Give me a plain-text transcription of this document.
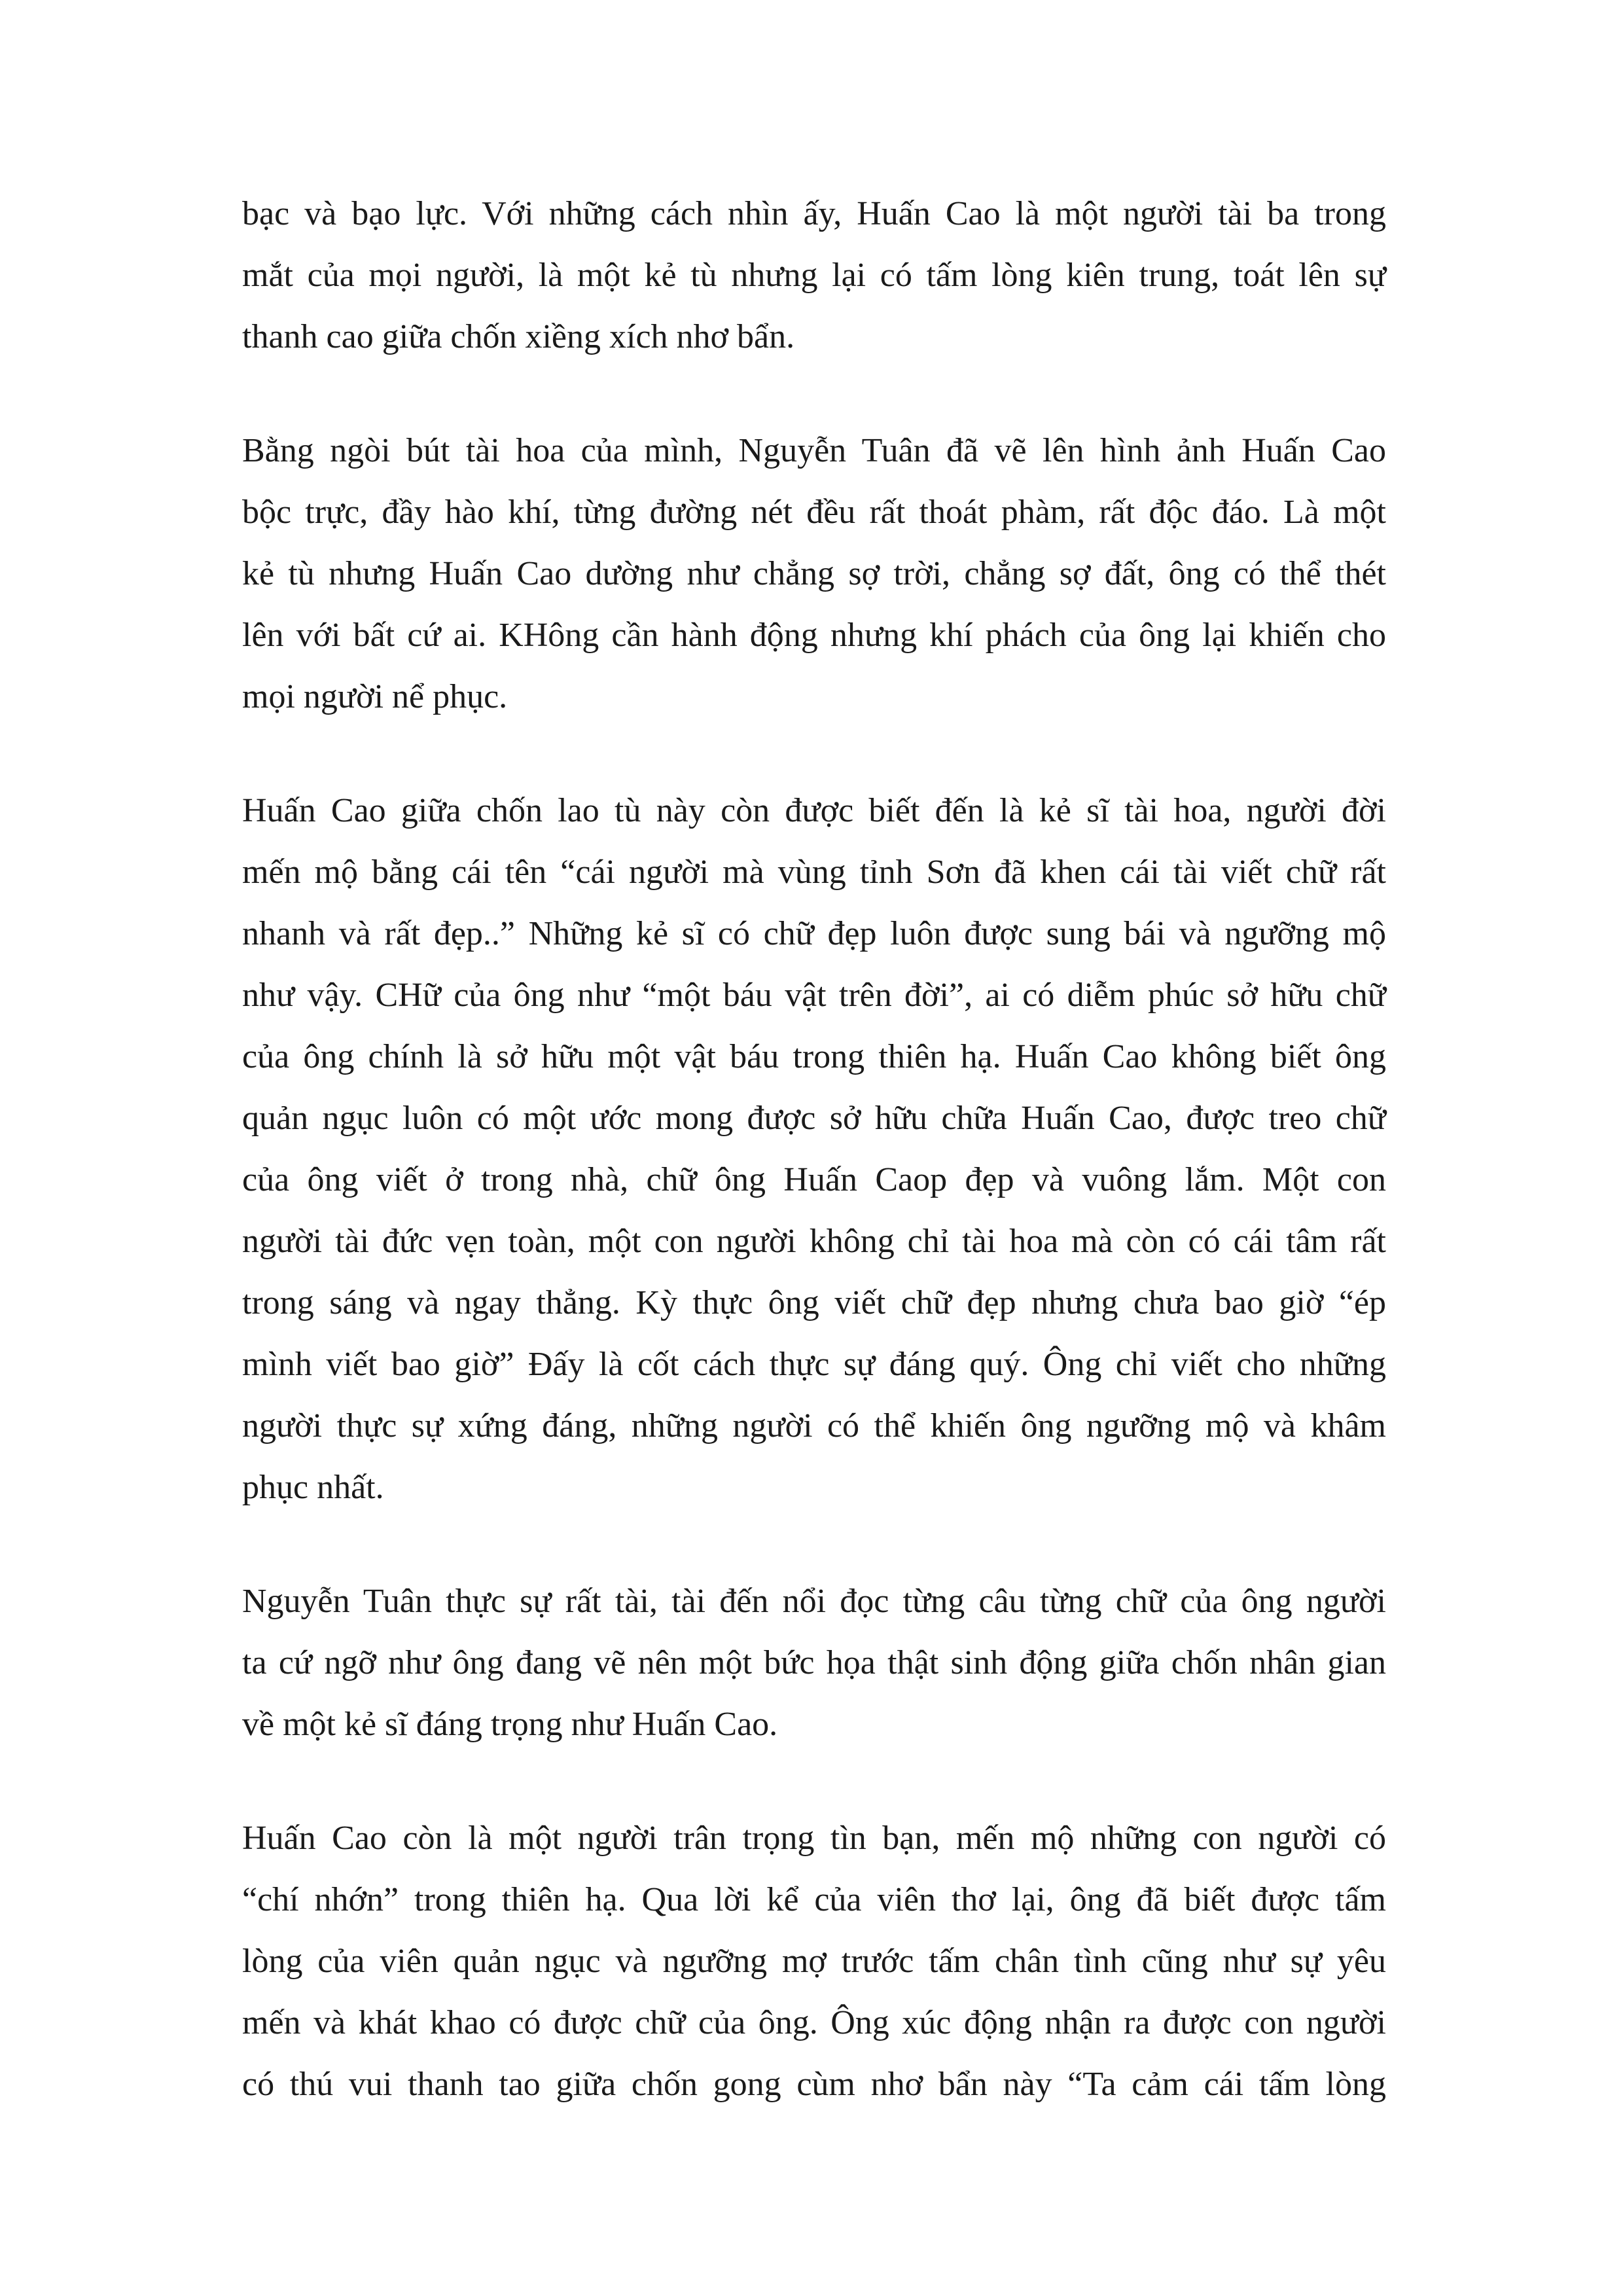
bạc và bạo lực. Với những cách nhìn ấy, Huấn Cao là một người tài ba trong
mắt của mọi người, là một kẻ tù nhưng lại có tấm lòng kiên trung, toát lên sự
thanh cao giữa chốn xiềng xích nhơ bẩn.

Bằng ngòi bút tài hoa của mình, Nguyễn Tuân đã vẽ lên hình ảnh Huấn Cao
bộc trực, đầy hào khí, từng đường nét đều rất thoát phàm, rất độc đáo. Là một
kẻ tù nhưng Huấn Cao dường như chẳng sợ trời, chẳng sợ đất, ông có thể thét
lên với bất cứ ai. KHông cần hành động nhưng khí phách của ông lại khiến cho
mọi người nể phục.

Huấn Cao giữa chốn lao tù này còn được biết đến là kẻ sĩ tài hoa, người đời
mến mộ bằng cái tên “cái người mà vùng tỉnh Sơn đã khen cái tài viết chữ rất
nhanh và rất đẹp..” Những kẻ sĩ có chữ đẹp luôn được sung bái và ngưỡng mộ
như vậy. CHữ của ông như “một báu vật trên đời”, ai có diễm phúc sở hữu chữ
của ông chính là sở hữu một vật báu trong thiên hạ. Huấn Cao không biết ông
quản ngục luôn có một ước mong được sở hữu chữa Huấn Cao, được treo chữ
của ông viết ở trong nhà, chữ ông Huấn Caop đẹp và vuông lắm. Một con
người tài đức vẹn toàn, một con người không chỉ tài hoa mà còn có cái tâm rất
trong sáng và ngay thẳng. Kỳ thực ông viết chữ đẹp nhưng chưa bao giờ “ép
mình viết bao giờ” Đấy là cốt cách thực sự đáng quý. Ông chỉ viết cho những
người thực sự xứng đáng, những người có thể khiến ông ngưỡng mộ và khâm
phục nhất.

Nguyễn Tuân thực sự rất tài, tài đến nổi đọc từng câu từng chữ của ông người
ta cứ ngỡ như ông đang vẽ nên một bức họa thật sinh động giữa chốn nhân gian
về một kẻ sĩ đáng trọng như Huấn Cao.

Huấn Cao còn là một người trân trọng tìn bạn, mến mộ những con người có
“chí nhớn” trong thiên hạ. Qua lời kể của viên thơ lại, ông đã biết được tấm
lòng của viên quản ngục và ngưỡng mợ trước tấm chân tình cũng như sự yêu
mến và khát khao có được chữ của ông. Ông xúc động nhận ra được con người
có thú vui thanh tao giữa chốn gong cùm nhơ bẩn này “Ta cảm cái tấm lòng
